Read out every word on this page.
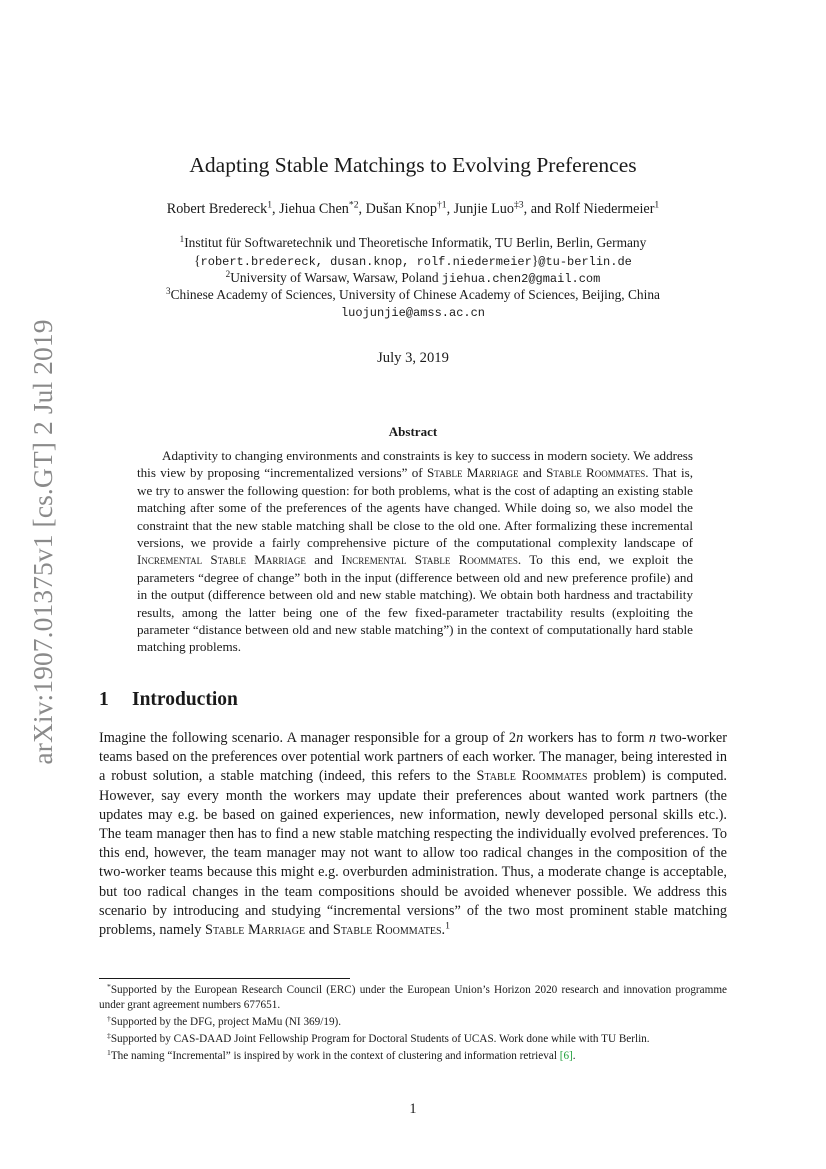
arXiv:1907.01375v1 [cs.GT] 2 Jul 2019
Adapting Stable Matchings to Evolving Preferences
Robert Bredereck$^1$, Jiehua Chen$^{*2}$, Dušan Knop$^{\dagger 1}$, Junjie Luo$^{\ddagger 3}$, and Rolf Niedermeier$^1$
$^1$Institut für Softwaretechnik und Theoretische Informatik, TU Berlin, Berlin, Germany
{robert.bredereck, dusan.knop, rolf.niedermeier}@tu-berlin.de
$^2$University of Warsaw, Warsaw, Poland jiehua.chen2@gmail.com
$^3$Chinese Academy of Sciences, University of Chinese Academy of Sciences, Beijing, China
luojunjie@amss.ac.cn
July 3, 2019
Abstract

Adaptivity to changing environments and constraints is key to success in modern society. We address this view by proposing “incrementalized versions” of Stable Marriage and Stable Roommates. That is, we try to answer the following question: for both problems, what is the cost of adapting an existing stable matching after some of the preferences of the agents have changed. While doing so, we also model the constraint that the new stable matching shall be close to the old one. After formalizing these incremental versions, we provide a fairly comprehensive picture of the computational complexity landscape of Incremental Stable Marriage and Incremental Stable Roommates. To this end, we exploit the parameters “degree of change” both in the input (difference between old and new preference profile) and in the output (difference between old and new stable matching). We obtain both hardness and tractability results, among the latter being one of the few fixed-parameter tractability results (exploiting the parameter “distance between old and new stable matching”) in the context of computationally hard stable matching problems.

1 Introduction

Imagine the following scenario. A manager responsible for a group of 2n workers has to form n two-worker teams based on the preferences over potential work partners of each worker. The manager, being interested in a robust solution, a stable matching (indeed, this refers to the Stable Roommates problem) is computed. However, say every month the workers may update their preferences about wanted work partners (the updates may e.g. be based on gained experiences, new information, newly developed personal skills etc.). The team manager then has to find a new stable matching respecting the individually evolved preferences. To this end, however, the team manager may not want to allow too radical changes in the composition of the two-worker teams because this might e.g. overburden administration. Thus, a moderate change is acceptable, but too radical changes in the team compositions should be avoided whenever possible. We address this scenario by introducing and studying “incremental versions” of the two most prominent stable matching problems, namely Stable Marriage and Stable Roommates.$^1$

*Supported by the European Research Council (ERC) under the European Union’s Horizon 2020 research and innovation programme under grant agreement numbers 677651.

†Supported by the DFG, project MaMu (NI 369/19).

‡Supported by CAS-DAAD Joint Fellowship Program for Doctoral Students of UCAS. Work done while with TU Berlin.

$^1$The naming “Incremental” is inspired by work in the context of clustering and information retrieval [6].

1
